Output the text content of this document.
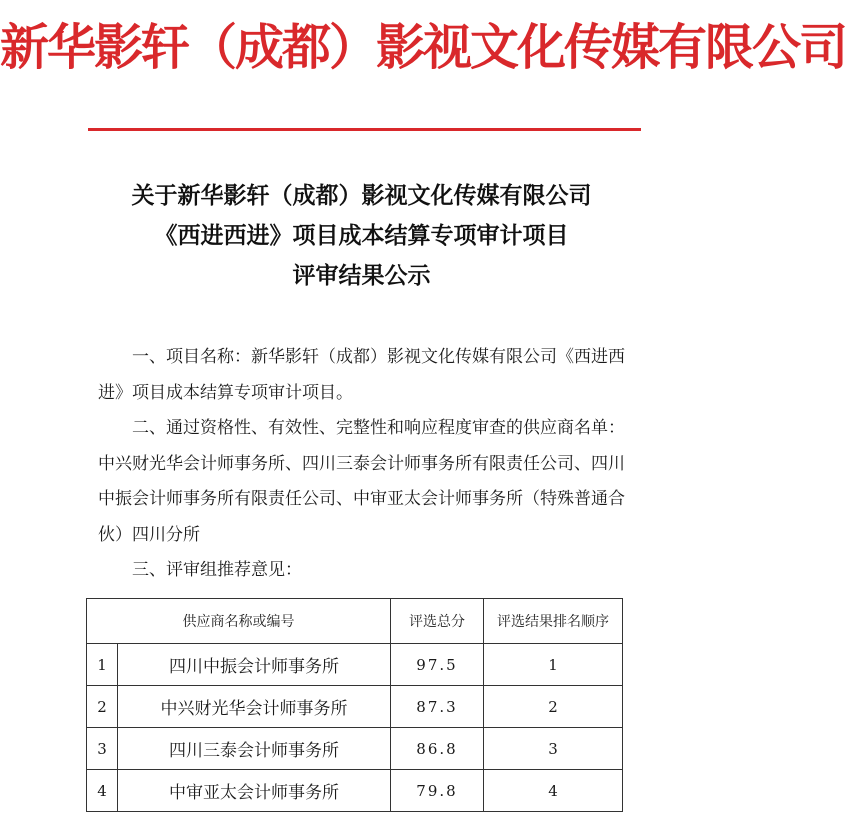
新华影轩（成都）影视文化传媒有限公司
关于新华影轩（成都）影视文化传媒有限公司
《西进西进》项目成本结算专项审计项目
评审结果公示

一、项目名称：新华影轩（成都）影视文化传媒有限公司《西进西进》项目成本结算专项审计项目。

二、通过资格性、有效性、完整性和响应程度审查的供应商名单：中兴财光华会计师事务所、四川三泰会计师事务所有限责任公司、四川中振会计师事务所有限责任公司、中审亚太会计师事务所（特殊普通合伙）四川分所

三、评审组推荐意见：

供应商名称或编号		评选总分	评选结果排名顺序
1	四川中振会计师事务所	97.5	1
2	中兴财光华会计师事务所	87.3	2
3	四川三泰会计师事务所	86.8	3
4	中审亚太会计师事务所	79.8	4
